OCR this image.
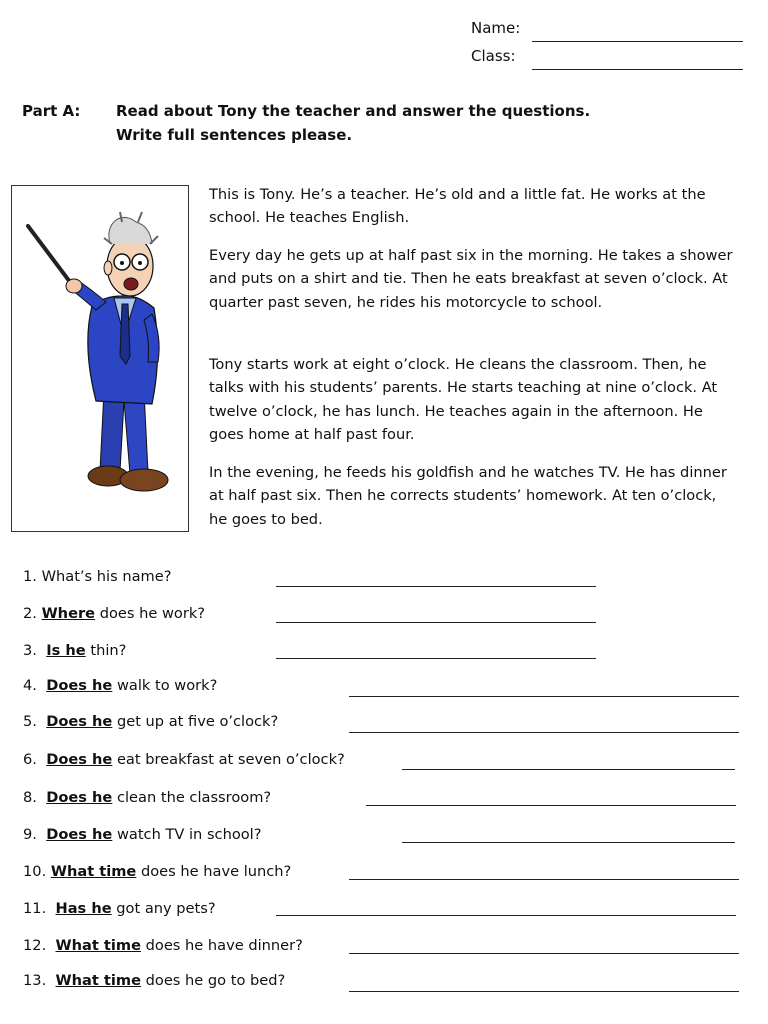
Name:
Class:
Part A: Read about Tony the teacher and answer the questions.
Write full sentences please.
This is Tony. He’s a teacher. He’s old and a little fat. He works at the school. He teaches English.
Every day he gets up at half past six in the morning. He takes a shower and puts on a shirt and tie. Then he eats breakfast at seven o’clock. At quarter past seven, he rides his motorcycle to school.
Tony starts work at eight o’clock. He cleans the classroom. Then, he talks with his students’ parents. He starts teaching at nine o’clock. At twelve o’clock, he has lunch. He teaches again in the afternoon. He goes home at half past four.
In the evening, he feeds his goldfish and he watches TV. He has dinner at half past six. Then he corrects students’ homework. At ten o’clock, he goes to bed.
1. What’s his name?
2. Where does he work?
3. Is he thin?
4. Does he walk to work?
5. Does he get up at five o’clock?
6. Does he eat breakfast at seven o’clock?
8. Does he clean the classroom?
9. Does he watch TV in school?
10. What time does he have lunch?
11. Has he got any pets?
12. What time does he have dinner?
13. What time does he go to bed?
